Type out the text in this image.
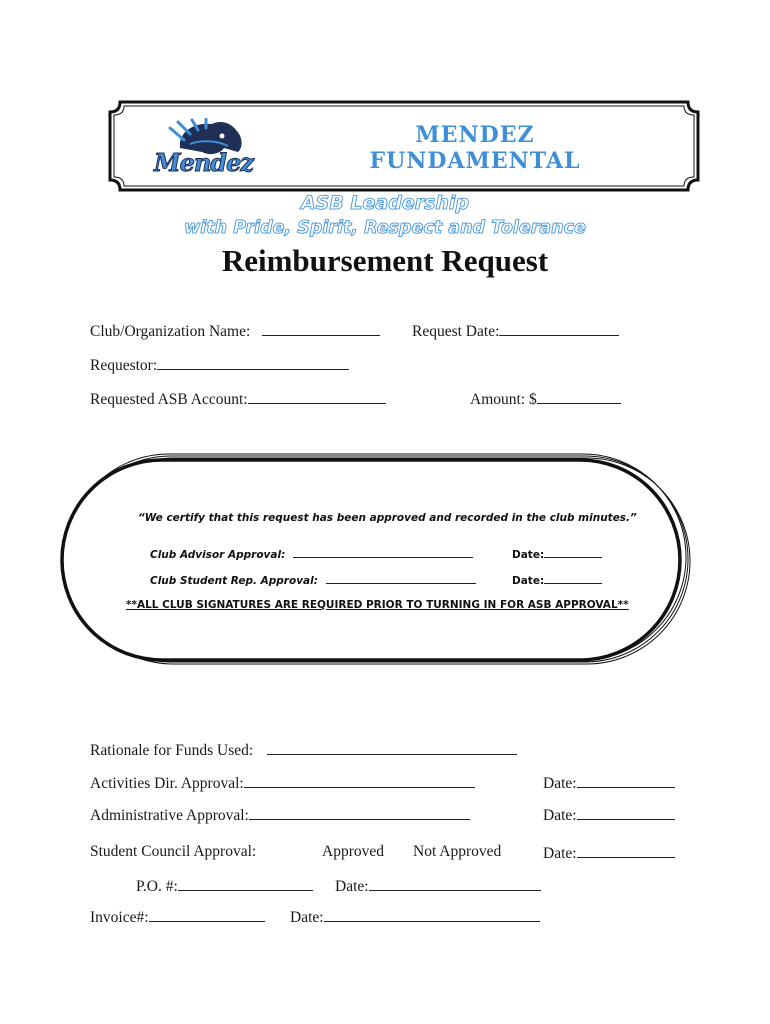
Mendez
MENDEZ
FUNDAMENTAL
ASB Leadership
with Pride, Spirit, Respect and Tolerance
Reimbursement Request
Club/Organization Name:	Request Date:
Requestor:
Requested ASB Account:	Amount: $
“We certify that this request has been approved and recorded in the club minutes.”
Club Advisor Approval:	Date:
Club Student Rep. Approval:	Date:
**ALL CLUB SIGNATURES ARE REQUIRED PRIOR TO TURNING IN FOR ASB APPROVAL**
Rationale for Funds Used:
Activities Dir. Approval:	Date:
Administrative Approval:	Date:
Student Council Approval:	Approved Not Approved	Date:
P.O. #:	Date:
Invoice#:	Date:
